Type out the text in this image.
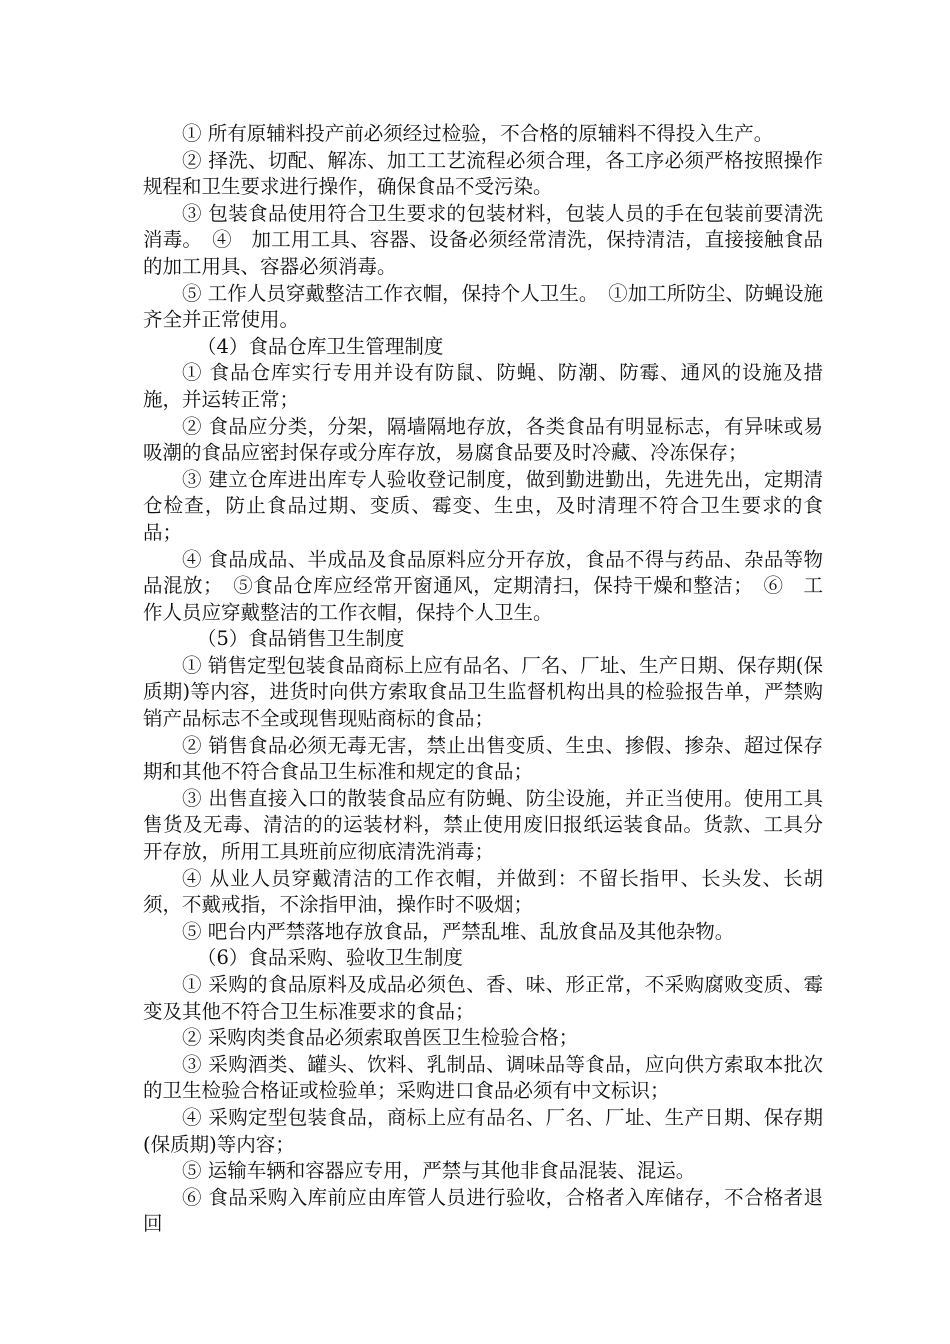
① 所有原辅料投产前必须经过检验，不合格的原辅料不得投入生产。

② 择洗、切配、解冻、加工工艺流程必须合理，各工序必须严格按照操作规程和卫生要求进行操作，确保食品不受污染。

③ 包装食品使用符合卫生要求的包装材料，包装人员的手在包装前要清洗消毒。　④　加工用工具、容器、设备必须经常清洗，保持清洁，直接接触食品的加工用具、容器必须消毒。

⑤ 工作人员穿戴整洁工作衣帽，保持个人卫生。　①加工所防尘、防蝇设施齐全并正常使用。

（4）食品仓库卫生管理制度

① 食品仓库实行专用并设有防鼠、防蝇、防潮、防霉、通风的设施及措施，并运转正常；

② 食品应分类，分架，隔墙隔地存放，各类食品有明显标志，有异味或易吸潮的食品应密封保存或分库存放，易腐食品要及时冷藏、冷冻保存；

③ 建立仓库进出库专人验收登记制度，做到勤进勤出，先进先出，定期清仓检查，防止食品过期、变质、霉变、生虫，及时清理不符合卫生要求的食品；

④ 食品成品、半成品及食品原料应分开存放，食品不得与药品、杂品等物品混放；　⑤食品仓库应经常开窗通风，定期清扫，保持干燥和整洁；　⑥　工作人员应穿戴整洁的工作衣帽，保持个人卫生。

（5）食品销售卫生制度

① 销售定型包装食品商标上应有品名、厂名、厂址、生产日期、保存期(保质期)等内容，进货时向供方索取食品卫生监督机构出具的检验报告单，严禁购销产品标志不全或现售现贴商标的食品；

② 销售食品必须无毒无害，禁止出售变质、生虫、掺假、掺杂、超过保存期和其他不符合食品卫生标准和规定的食品；

③ 出售直接入口的散装食品应有防蝇、防尘设施，并正当使用。使用工具售货及无毒、清洁的的运装材料，禁止使用废旧报纸运装食品。货款、工具分开存放，所用工具班前应彻底清洗消毒；

④ 从业人员穿戴清洁的工作衣帽，并做到：不留长指甲、长头发、长胡须，不戴戒指，不涂指甲油，操作时不吸烟；

⑤ 吧台内严禁落地存放食品，严禁乱堆、乱放食品及其他杂物。

（6）食品采购、验收卫生制度

① 采购的食品原料及成品必须色、香、味、形正常，不采购腐败变质、霉变及其他不符合卫生标准要求的食品；

② 采购肉类食品必须索取兽医卫生检验合格；

③ 采购酒类、罐头、饮料、乳制品、调味品等食品，应向供方索取本批次的卫生检验合格证或检验单；采购进口食品必须有中文标识；

④ 采购定型包装食品，商标上应有品名、厂名、厂址、生产日期、保存期(保质期)等内容；

⑤ 运输车辆和容器应专用，严禁与其他非食品混装、混运。

⑥ 食品采购入库前应由库管人员进行验收，合格者入库储存，不合格者退回
